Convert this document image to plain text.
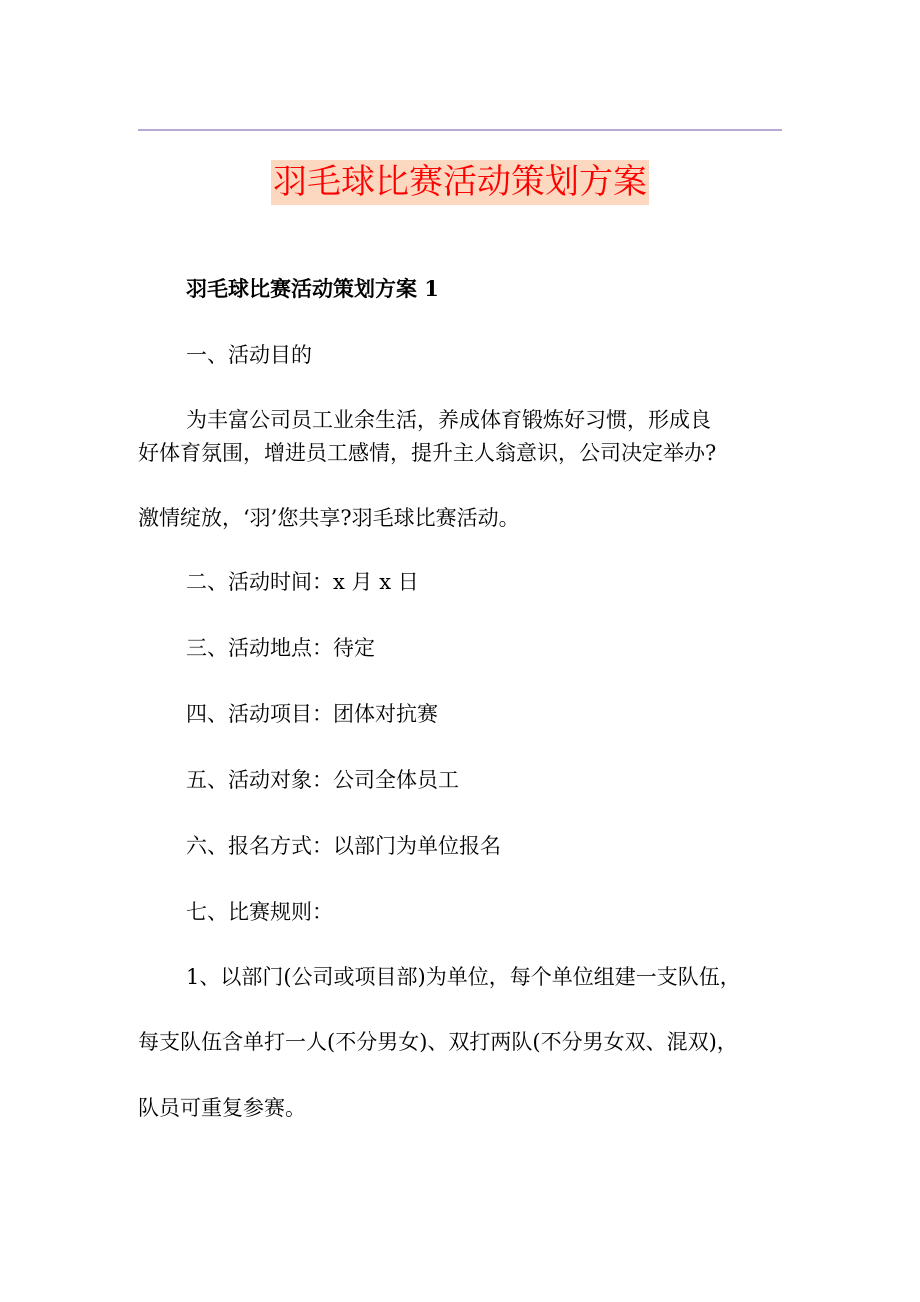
羽毛球比赛活动策划方案
羽毛球比赛活动策划方案 1
一、活动目的
为丰富公司员工业余生活，养成体育锻炼好习惯，形成良
好体育氛围，增进员工感情，提升主人翁意识，公司决定举办?
激情绽放，‘羽’您共享?羽毛球比赛活动。
二、活动时间：x 月 x 日
三、活动地点：待定
四、活动项目：团体对抗赛
五、活动对象：公司全体员工
六、报名方式：以部门为单位报名
七、比赛规则：
1、以部门(公司或项目部)为单位，每个单位组建一支队伍，
每支队伍含单打一人(不分男女)、双打两队(不分男女双、混双)，
队员可重复参赛。
